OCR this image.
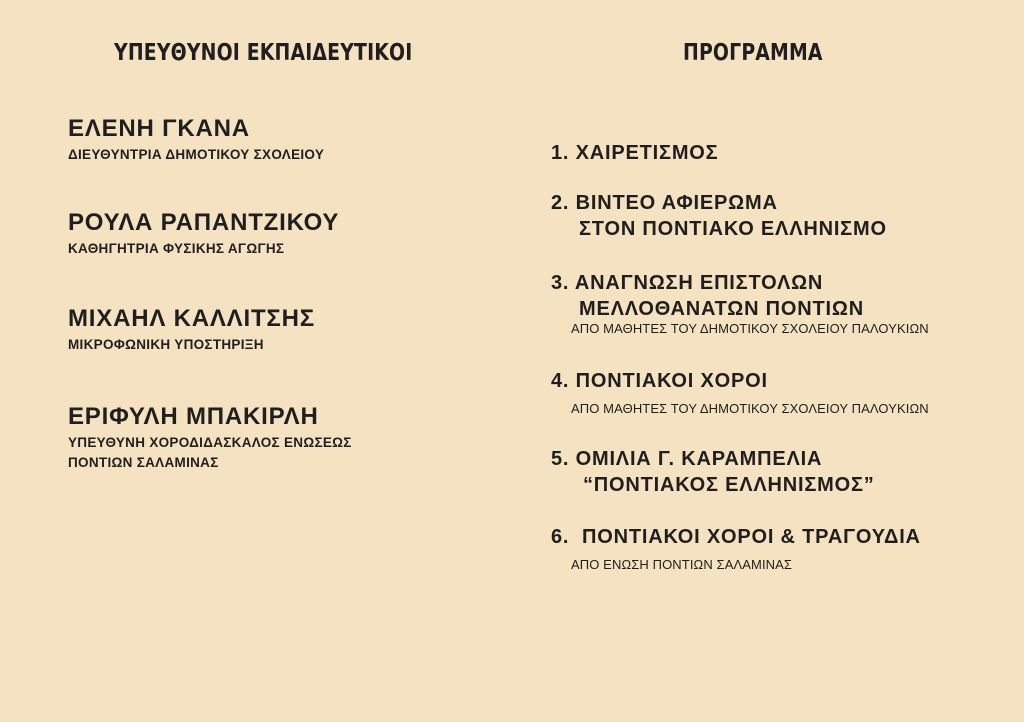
ΥΠΕΥΘΥΝΟΙ ΕΚΠΑΙΔΕΥΤΙΚΟΙ
ΕΛΕΝΗ ΓΚΑΝΑ
ΔΙΕΥΘΥΝΤΡΙΑ ΔΗΜΟΤΙΚΟΥ ΣΧΟΛΕΙΟΥ
ΡΟΥΛΑ ΡΑΠΑΝΤΖΙΚΟΥ
ΚΑΘΗΓΗΤΡΙΑ ΦΥΣΙΚΗΣ ΑΓΩΓΗΣ
ΜΙΧΑΗΛ ΚΑΛΛΙΤΣΗΣ
ΜΙΚΡΟΦΩΝΙΚΗ ΥΠΟΣΤΗΡΙΞΗ
ΕΡΙΦΥΛΗ ΜΠΑΚΙΡΛΗ
ΥΠΕΥΘΥΝΗ ΧΟΡΟΔΙΔΑΣΚΑΛΟΣ ΕΝΩΣΕΩΣ
ΠΟΝΤΙΩΝ ΣΑΛΑΜΙΝΑΣ
ΠΡΟΓΡΑΜΜΑ
1. ΧΑΙΡΕΤΙΣΜΟΣ
2. ΒΙΝΤΕΟ ΑΦΙΕΡΩΜΑ
ΣΤΟΝ ΠΟΝΤΙΑΚΟ ΕΛΛΗΝΙΣΜΟ
3. ΑΝΑΓΝΩΣΗ ΕΠΙΣΤΟΛΩΝ
ΜΕΛΛΟΘΑΝΑΤΩΝ ΠΟΝΤΙΩΝ
ΑΠΟ ΜΑΘΗΤΕΣ ΤΟΥ ΔΗΜΟΤΙΚΟΥ ΣΧΟΛΕΙΟΥ ΠΑΛΟΥΚΙΩΝ
4. ΠΟΝΤΙΑΚΟΙ ΧΟΡΟΙ
ΑΠΟ ΜΑΘΗΤΕΣ ΤΟΥ ΔΗΜΟΤΙΚΟΥ ΣΧΟΛΕΙΟΥ ΠΑΛΟΥΚΙΩΝ
5. ΟΜΙΛΙΑ Γ. ΚΑΡΑΜΠΕΛΙΑ
“ΠΟΝΤΙΑΚΟΣ ΕΛΛΗΝΙΣΜΟΣ”
6.  ΠΟΝΤΙΑΚΟΙ ΧΟΡΟΙ & ΤΡΑΓΟΥΔΙΑ
ΑΠΟ ΕΝΩΣΗ ΠΟΝΤΙΩΝ ΣΑΛΑΜΙΝΑΣ
